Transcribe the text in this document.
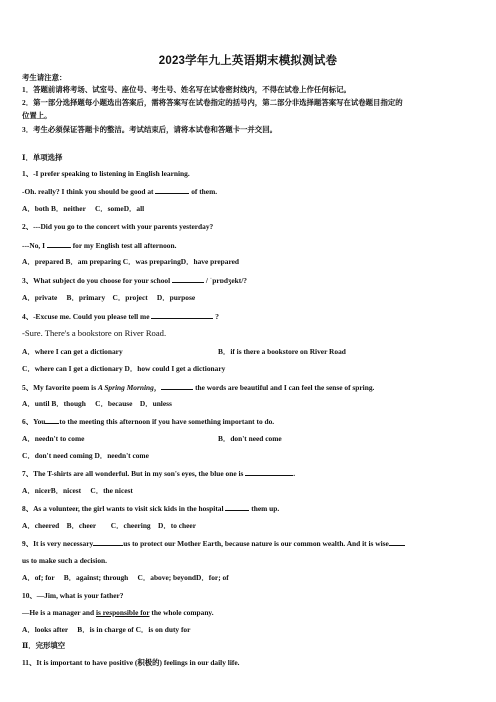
2023学年九上英语期末模拟测试卷
考生请注意：
1．答题前请将考场、试室号、座位号、考生号、姓名写在试卷密封线内，不得在试卷上作任何标记。
2．第一部分选择题每小题选出答案后，需将答案写在试卷指定的括号内，第二部分非选择题答案写在试卷题目指定的
位置上。
3．考生必须保证答题卡的整洁。考试结束后，请将本试卷和答题卡一并交回。
Ⅰ．单项选择
1、-I prefer speaking to listening in English learning.
-Oh. really? I think you should be good at	of them.
A．both B．neither　 C．someD．all
2、---Did you go to the concert with your parents yesterday?
---No, I	for my English test all afternoon.
A．prepared B．am preparing C．was preparingD．have prepared
3、What subject do you choose for your school	/ ˈprɒdʒekt/?
A．private　 B．primary　C．project　 D．purpose
4、-Excuse me. Could you please tell me	?
-Sure. There's a bookstore on River Road.
A．where I can get a dictionary	B．if is there a bookstore on River Road
C．where can I get a dictionary D．how could I get a dictionary
5、My favorite poem is A Spring Morning，	the words are beautiful and I can feel the sense of spring.
A．until B．though　 C．because　D．unless
6、You to the meeting this afternoon if you have something important to do.
A．needn't to come	B．don't need come
C．don't need coming D．needn't come
7、The T-shirts are all wonderful. But in my son's eyes, the blue one is	.
A．nicerB．nicest　 C．the nicest
8、As a volunteer, the girl wants to visit sick kids in the hospital	them up.
A．cheered　B．cheer　　C．cheering　D．to cheer
9、It is very necessary	us to protect our Mother Earth, because nature is our common wealth. And it is wise
us to make such a decision.
A．of; for　 B．against; through　 C．above; beyondD．for; of
10、—Jim, what is your father?
—He is a manager and is responsible for the whole company.
A．looks after　 B．is in charge of C．is on duty for
Ⅱ．完形填空
11、It is important to have positive (积极的) feelings in our daily life.
